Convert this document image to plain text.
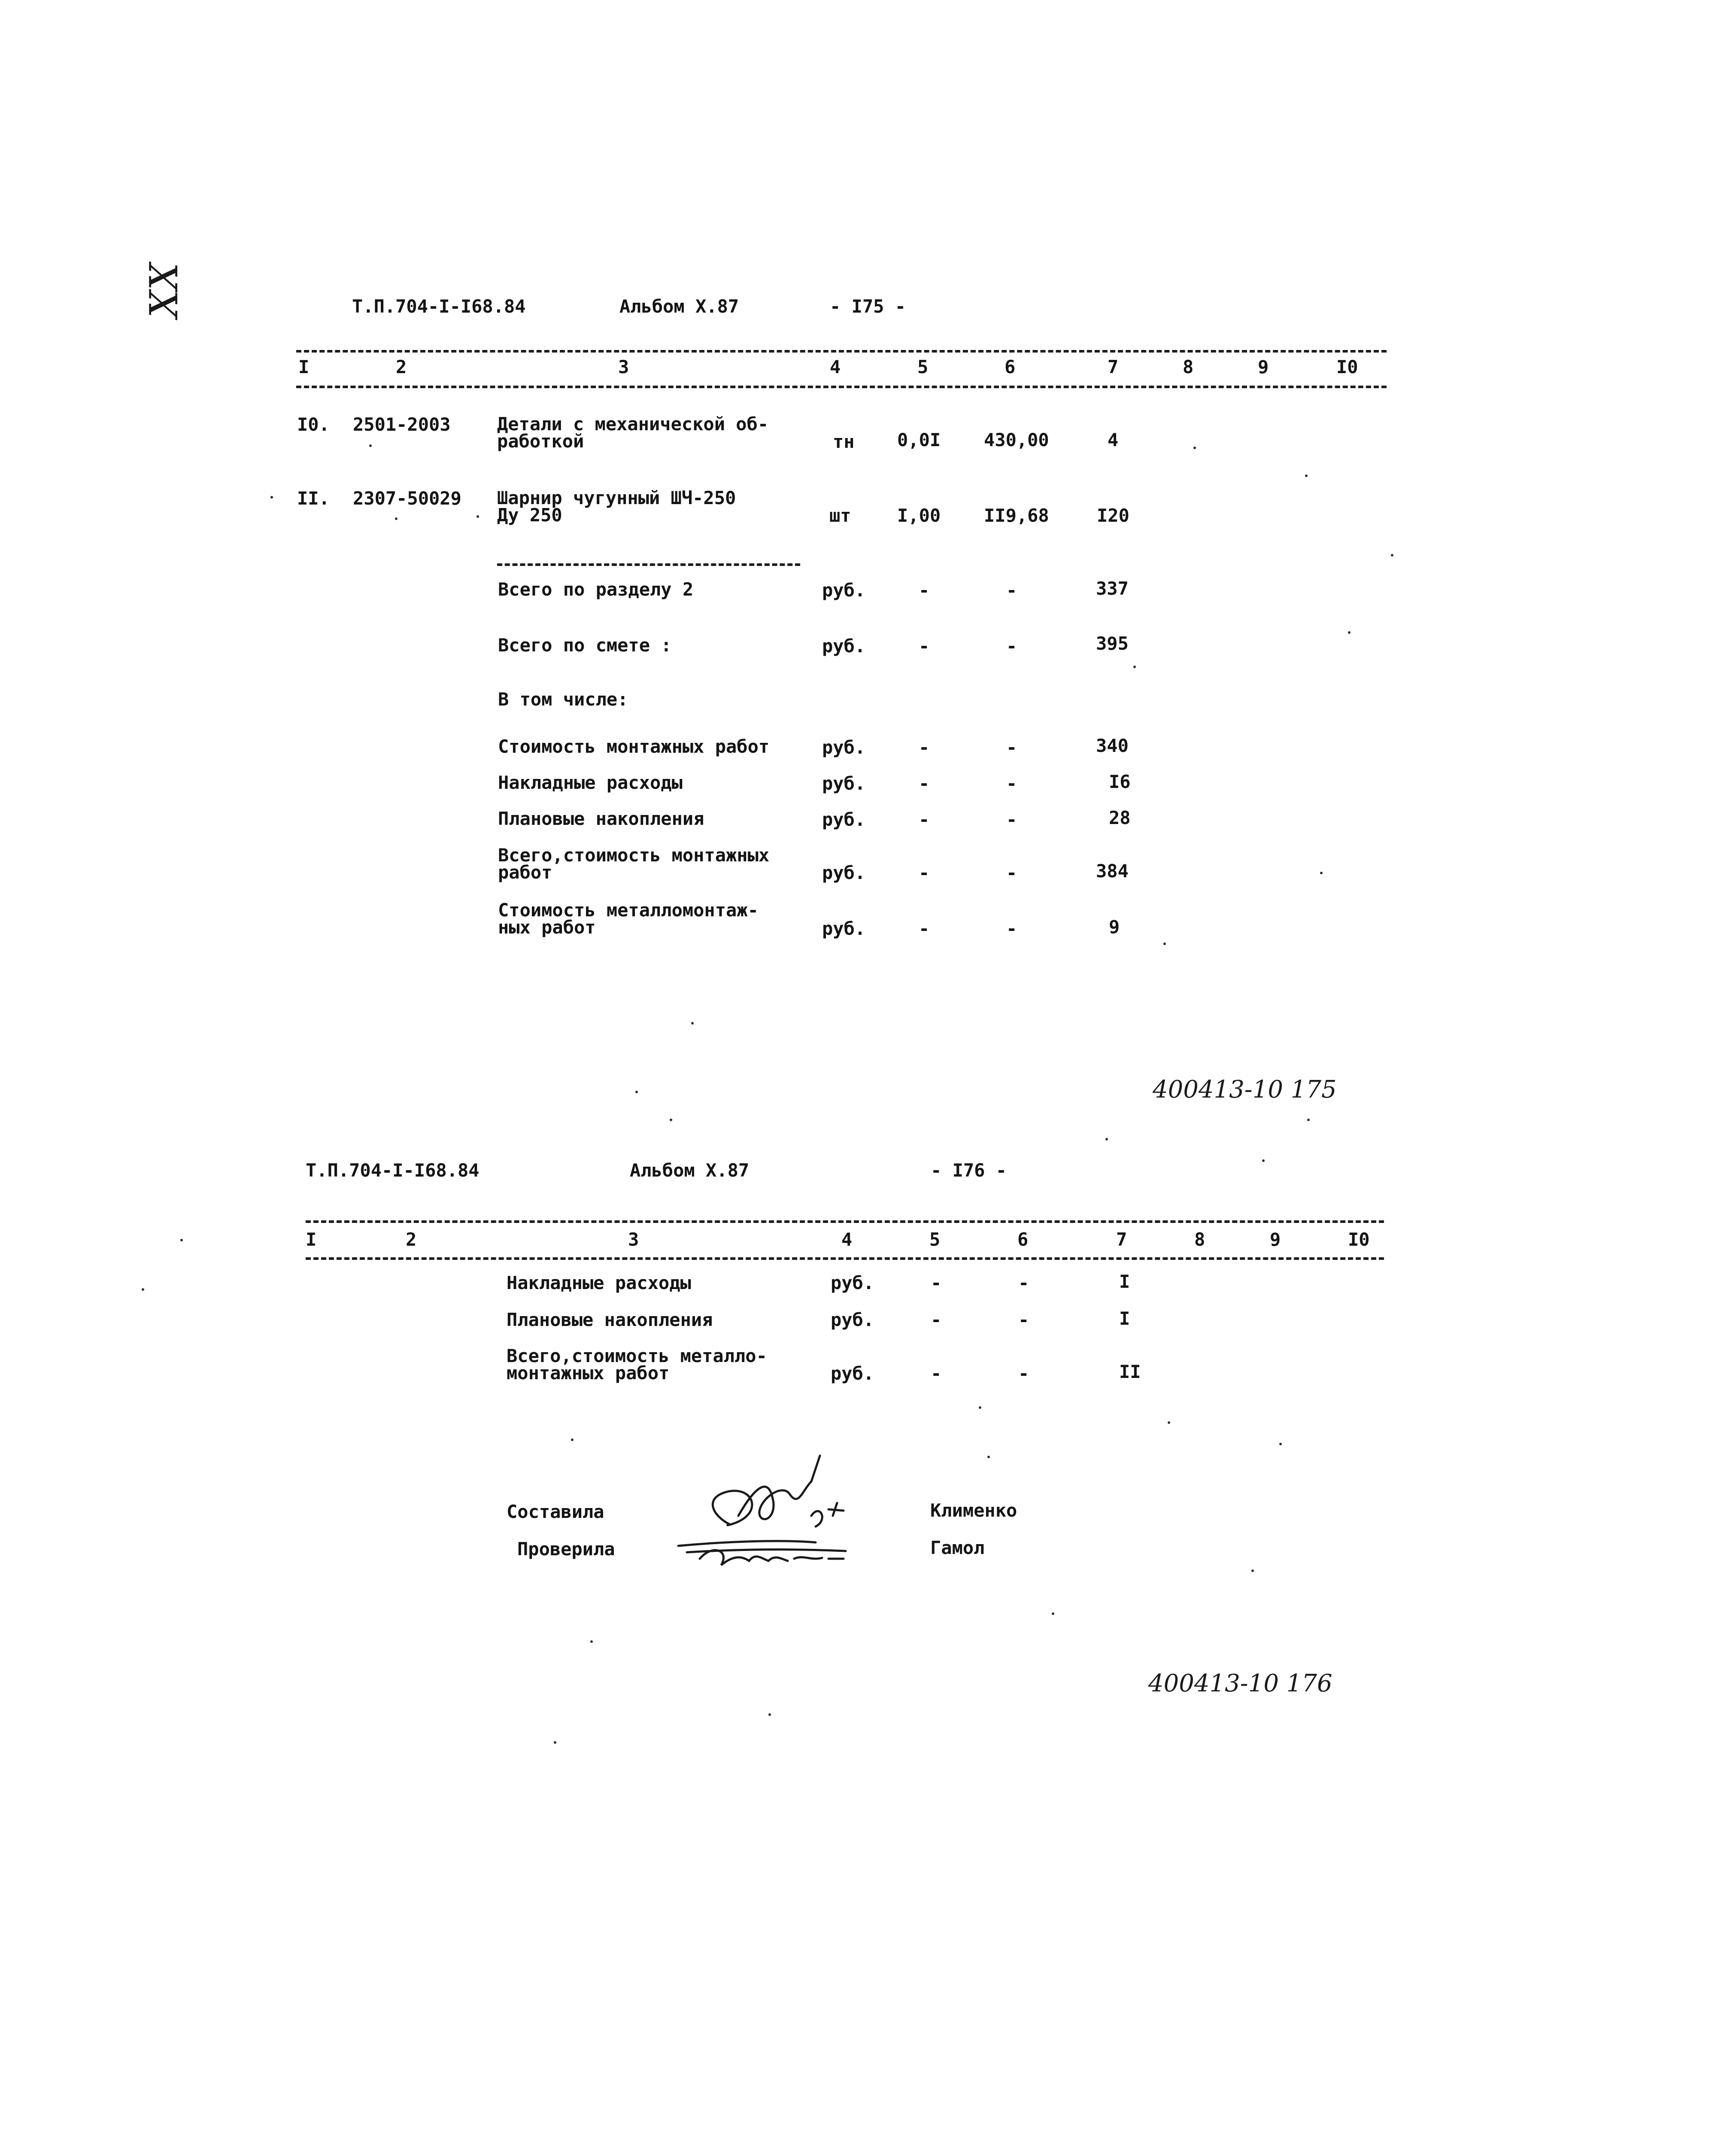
ХХ	Т.П.704-I-I68.84	Альбом X.87	- I75 -
I	2	3	4	5	6	7	8	9	I0
I0. 2501-2003	Детали с механической об-
работкой	тн 0,0I 430,00	4
II. 2307-50029 Шарнир чугунный ШЧ-250
Ду 250	шт	I,00 II9,68	I20
Всего по разделу 2	руб.	-	-	337
Всего по смете :	руб.	-	-	395
В том числе:
Стоимость монтажных работ	руб.	-	-	340
Накладные расходы	руб.	-	-	I6
Плановые накопления	руб.	-	-	28
Всего,стоимость монтажных
работ	руб.	-	-	384
Стоимость металломонтаж-
ных работ	руб.	-	-	9
400413-10 175
Т.П.704-I-I68.84	Альбом X.87	- I76 -
I	2	3	4	5	6	7	8	9	I0
Накладные расходы	руб.	-	-	I
Плановые накопления	руб.	-	-	I
Всего,стоимость металло-
монтажных работ	руб.	-	-	II
Составила
Проверила
Клименко
Гамол
400413-10 176
